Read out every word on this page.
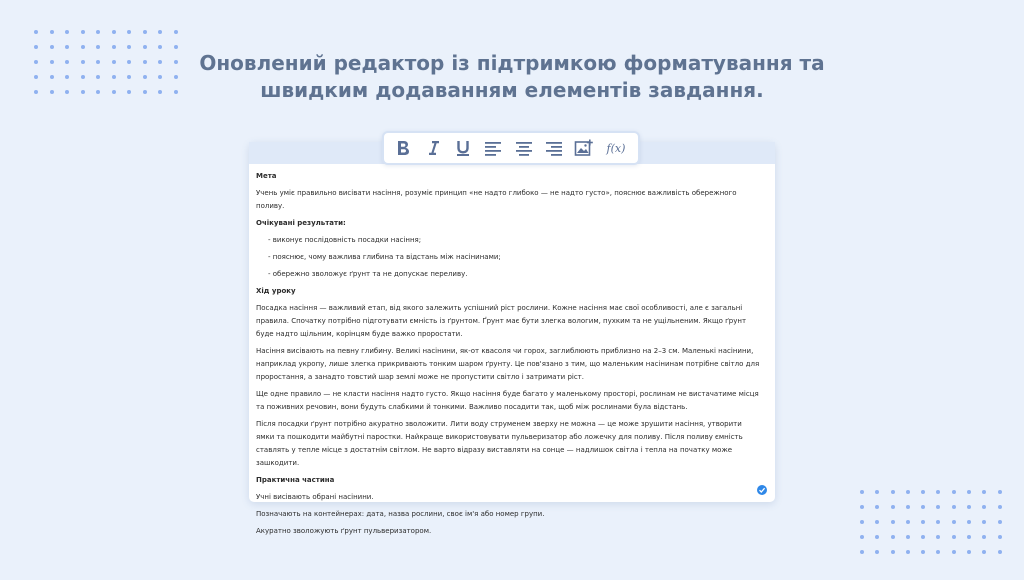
Оновлений редактор із підтримкою форматування та
швидким додаванням елементів завдання.
f(x)

Мета

Учень уміє правильно висівати насіння, розуміє принцип «не надто глибоко — не надто густо», пояснює важливість обережного поливу.

Очікувані результати:

- виконує послідовність посадки насіння;

- пояснює, чому важлива глибина та відстань між насінинами;

- обережно зволожує ґрунт та не допускає переливу.

Хід уроку

Посадка насіння — важливий етап, від якого залежить успішний ріст рослини. Кожне насіння має свої особливості, але є загальні правила. Спочатку потрібно підготувати ємність із ґрунтом. Ґрунт має бути злегка вологим, пухким та не ущільненим. Якщо ґрунт буде надто щільним, корінцям буде важко проростати.

Насіння висівають на певну глибину. Великі насінини, як-от квасоля чи горох, заглиблюють приблизно на 2–3 см. Маленькі насінини, наприклад укропу, лише злегка прикривають тонким шаром ґрунту. Це пов'язано з тим, що маленьким насінинам потрібне світло для проростання, а занадто товстий шар землі може не пропустити світло і затримати ріст.

Ще одне правило — не класти насіння надто густо. Якщо насіння буде багато у маленькому просторі, рослинам не вистачатиме місця та поживних речовин, вони будуть слабкими й тонкими. Важливо посадити так, щоб між рослинами була відстань.

Після посадки ґрунт потрібно акуратно зволожити. Лити воду струменем зверху не можна — це може зрушити насіння, утворити ямки та пошкодити майбутні паростки. Найкраще використовувати пульверизатор або ложечку для поливу. Після поливу ємність ставлять у тепле місце з достатнім світлом. Не варто відразу виставляти на сонце — надлишок світла і тепла на початку може зашкодити.

Практична частина

Учні висівають обрані насінини.

Позначають на контейнерах: дата, назва рослини, своє ім'я або номер групи.

Акуратно зволожують ґрунт пульверизатором.
